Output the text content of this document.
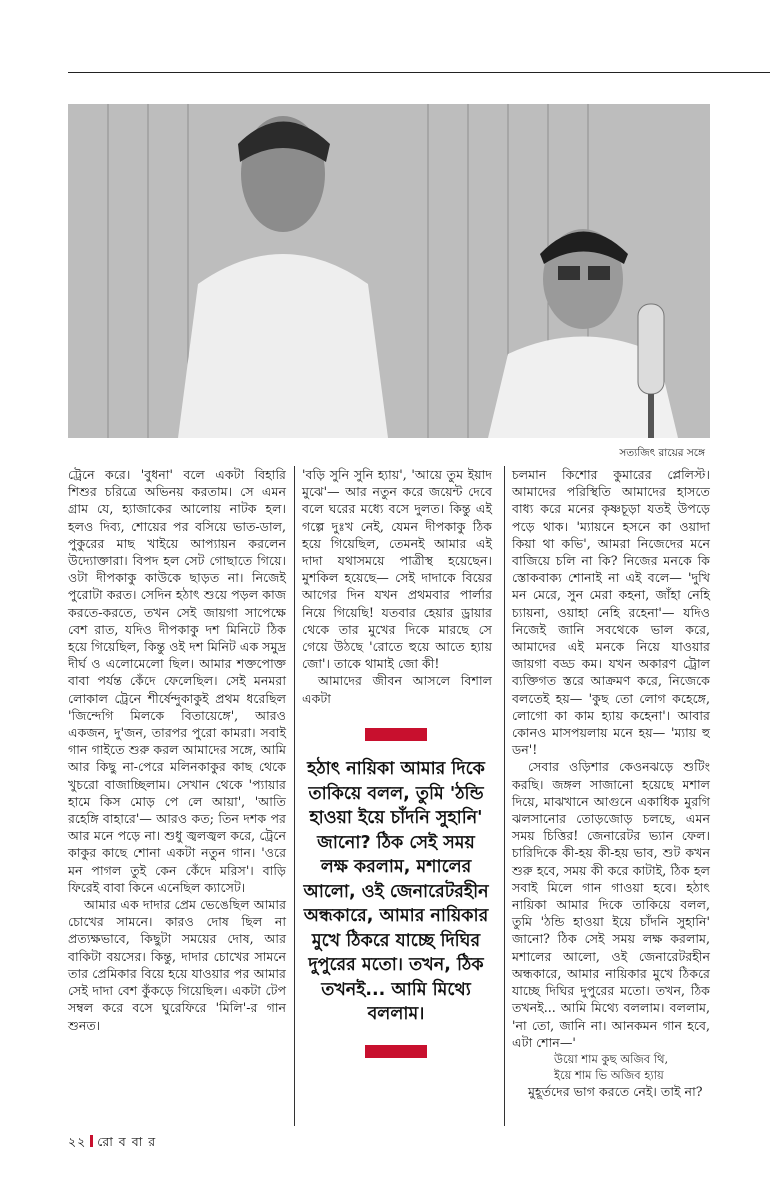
সত্যজিৎ রায়ের সঙ্গে

ট্রেনে করে। 'বুধনা' বলে একটা বিহারি শিশুর চরিত্রে অভিনয় করতাম। সে এমন গ্রাম যে, হ্যাজাকের আলোয় নাটক হল। হলও দিব্য, শোয়ের পর বসিয়ে ভাত-ডাল, পুকুরের মাছ খাইয়ে আপ্যায়ন করলেন উদ্যোক্তারা। বিপদ হল সেট গোছাতে গিয়ে। ওটা দীপকাকু কাউকে ছাড়ত না। নিজেই পুরোটা করত। সেদিন হঠাৎ শুয়ে পড়ল কাজ করতে-করতে, তখন সেই জায়গা সাপেক্ষে বেশ রাত, যদিও দীপকাকু দশ মিনিটে ঠিক হয়ে গিয়েছিল, কিন্তু ওই দশ মিনিট এক সমুদ্র দীর্ঘ ও এলোমেলো ছিল। আমার শক্তপোক্ত বাবা পর্যন্ত কেঁদে ফেলেছিল। সেই মনমরা লোকাল ট্রেনে শীর্ষেন্দুকাকুই প্রথম ধরেছিল 'জিন্দেগি মিলকে বিতায়েঙ্গে', আরও একজন, দু'জন, তারপর পুরো কামরা। সবাই গান গাইতে শুরু করল আমাদের সঙ্গে, আমি আর কিছু না-পেরে মলিনকাকুর কাছ থেকে খুচরো বাজাচ্ছিলাম। সেখান থেকে 'প্যায়ার হামে কিস মোড় পে লে আয়া', 'আতি রহেঙ্গি বাহারে'— আরও কত; তিন দশক পর আর মনে পড়ে না। শুধু জ্বলজ্বল করে, ট্রেনে কাকুর কাছে শোনা একটা নতুন গান। 'ওরে মন পাগল তুই কেন কেঁদে মরিস'। বাড়ি ফিরেই বাবা কিনে এনেছিল ক্যাসেট।

আমার এক দাদার প্রেম ভেঙেছিল আমার চোখের সামনে। কারও দোষ ছিল না প্রত্যক্ষভাবে, কিছুটা সময়ের দোষ, আর বাকিটা বয়সের। কিন্তু, দাদার চোখের সামনে তার প্রেমিকার বিয়ে হয়ে যাওয়ার পর আমার সেই দাদা বেশ কুঁকড়ে গিয়েছিল। একটা টেপ সম্বল করে বসে ঘুরেফিরে 'মিলি'-র গান শুনত।

'বড়ি সুনি সুনি হ্যায়', 'আয়ে তুম ইয়াদ মুঝে'— আর নতুন করে জয়েন্ট দেবে বলে ঘরের মধ্যে বসে দুলত। কিন্তু এই গল্পে দুঃখ নেই, যেমন দীপকাকু ঠিক হয়ে গিয়েছিল, তেমনই আমার এই দাদা যথাসময়ে পাত্রীস্থ হয়েছেন। মুশকিল হয়েছে— সেই দাদাকে বিয়ের আগের দিন যখন প্রথমবার পার্লার নিয়ে গিয়েছি! যতবার হেয়ার ড্রায়ার থেকে তার মুখের দিকে মারছে সে গেয়ে উঠছে 'রোতে হুয়ে আতে হ্যায় জো'। তাকে থামাই জো কী!

আমাদের জীবন আসলে বিশাল একটা

হঠাৎ নায়িকা আমার দিকে তাকিয়ে বলল, তুমি 'ঠন্ডি হাওয়া ইয়ে চাঁদনি সুহানি' জানো? ঠিক সেই সময় লক্ষ করলাম, মশালের আলো, ওই জেনারেটরহীন অন্ধকারে, আমার নায়িকার মুখে ঠিকরে যাচ্ছে দিঘির দুপুরের মতো। তখন, ঠিক তখনই... আমি মিথ্যে বললাম।

চলমান কিশোর কুমারের প্লেলিস্ট। আমাদের পরিস্থিতি আমাদের হাসতে বাধ্য করে মনের কৃষ্ণচূড়া যতই উপড়ে পড়ে থাক। 'ম্যায়নে হসনে কা ওয়াদা কিয়া থা কভি', আমরা নিজেদের মনে বাজিয়ে চলি না কি? নিজের মনকে কি স্তোকবাক্য শোনাই না এই বলে— 'দুখি মন মেরে, সুন মেরা কহনা, জাঁহা নেহি চ্যায়না, ওয়াহা নেহি রহেনা'— যদিও নিজেই জানি সবথেকে ভাল করে, আমাদের এই মনকে নিয়ে যাওয়ার জায়গা বড্ড কম। যখন অকারণ ট্রোল ব্যক্তিগত স্তরে আক্রমণ করে, নিজেকে বলতেই হয়— 'কুছ তো লোগ কহেঙ্গে, লোগো কা কাম হ্যায় কহেনা'। আবার কোনও মাসপয়লায় মনে হয়— 'ম্যায় হু ডন'!

সেবার ওড়িশার কেওনঝড়ে শুটিং করছি। জঙ্গল সাজানো হয়েছে মশাল দিয়ে, মাঝখানে আগুনে একাধিক মুরগি ঝলসানোর তোড়জোড় চলছে, এমন সময় চিত্তির! জেনারেটর ভ্যান ফেল। চারিদিকে কী-হয় কী-হয় ভাব, শুট কখন শুরু হবে, সময় কী করে কাটাই, ঠিক হল সবাই মিলে গান গাওয়া হবে। হঠাৎ নায়িকা আমার দিকে তাকিয়ে বলল, তুমি 'ঠন্ডি হাওয়া ইয়ে চাঁদনি সুহানি' জানো? ঠিক সেই সময় লক্ষ করলাম, মশালের আলো, ওই জেনারেটরহীন অন্ধকারে, আমার নায়িকার মুখে ঠিকরে যাচ্ছে দিঘির দুপুরের মতো। তখন, ঠিক তখনই... আমি মিথ্যে বললাম। বললাম, 'না তো, জানি না। আনকমন গান হবে, এটা শোন—'

উয়ো শাম কুছ অজিব থি,

ইয়ে শাম ভি অজিব হ্যায়

মুহূর্তদের ভাগ করতে নেই। তাই না?

২২ রো ব বা র
